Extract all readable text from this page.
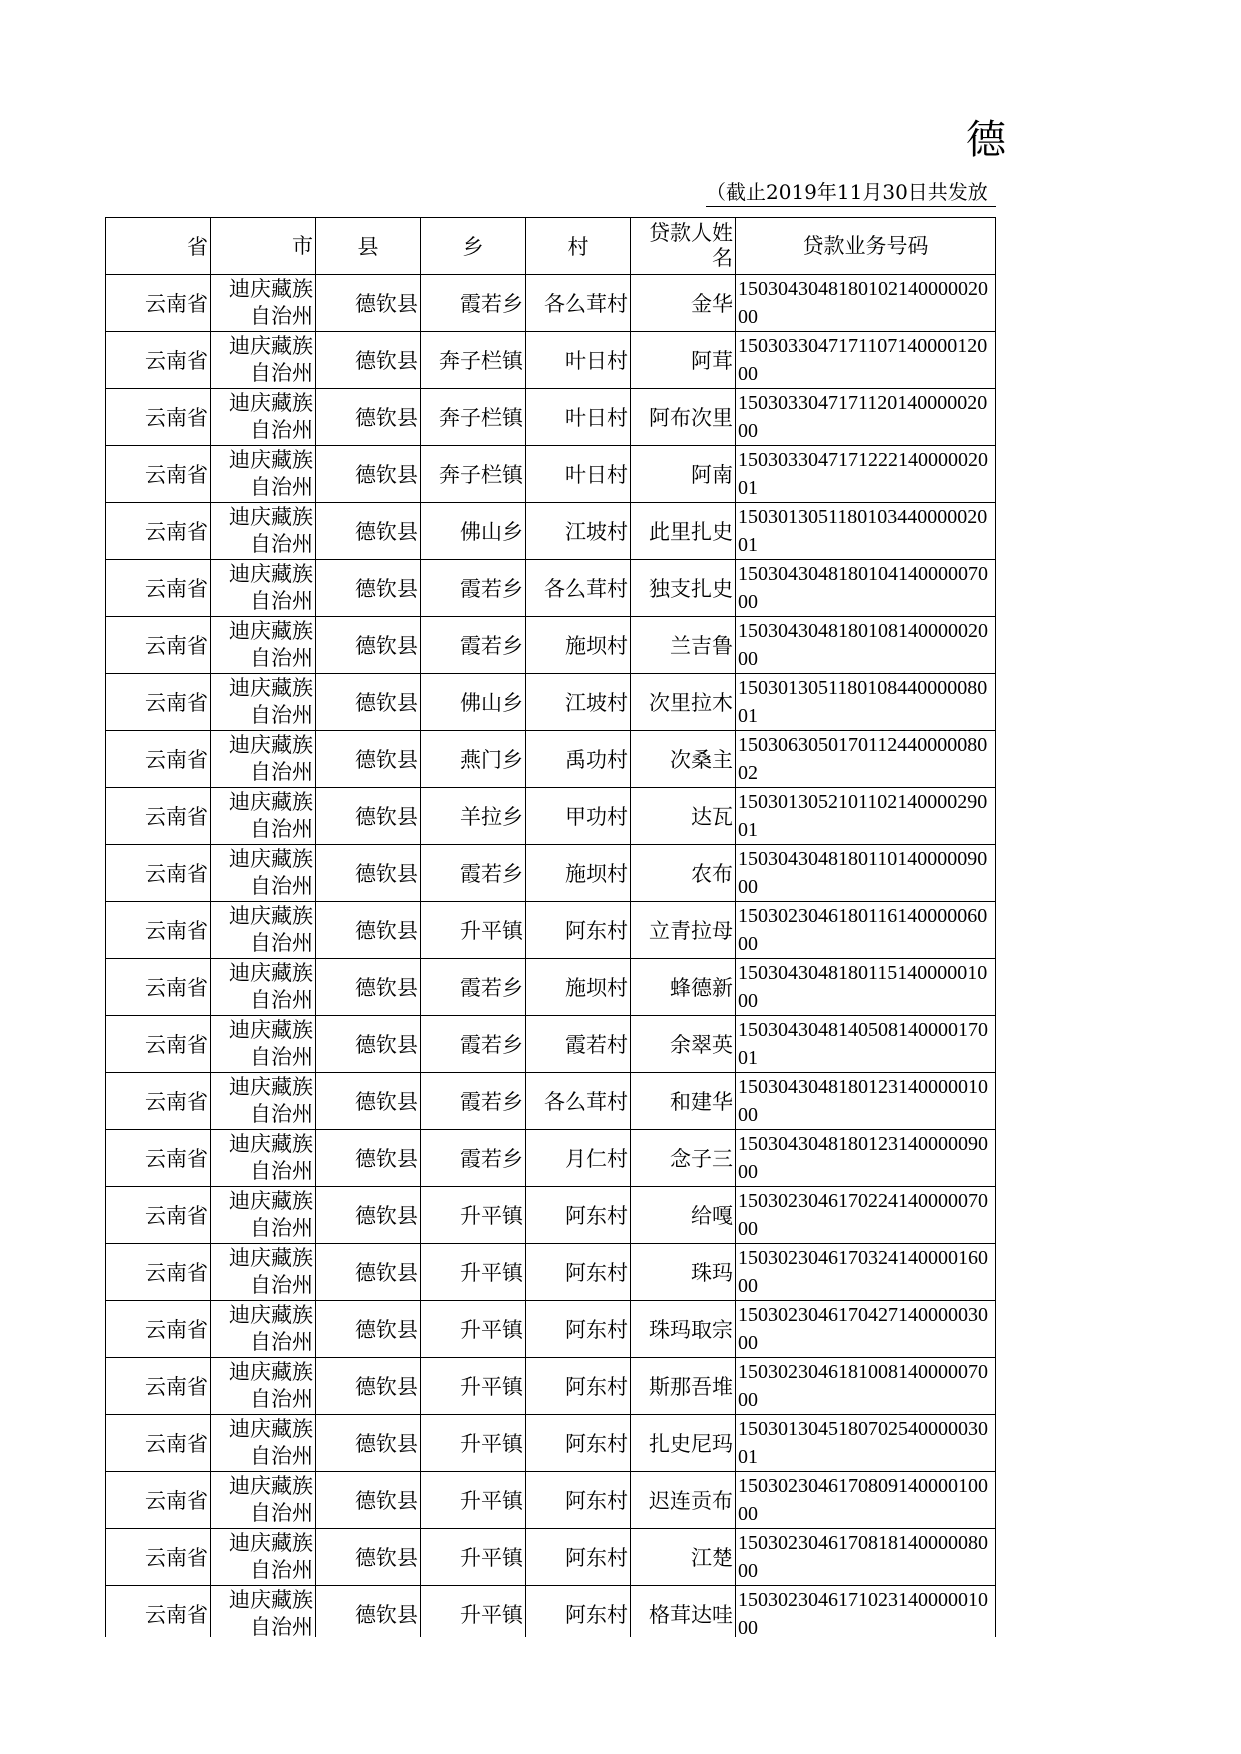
德
（截止2019年11月30日共发放
省	市	县	乡	村	贷款人姓名	贷款业务号码
云南省	迪庆藏族自治州	德钦县	霞若乡	各么茸村	金华	150304304818010214000002000
云南省	迪庆藏族自治州	德钦县	奔子栏镇	叶日村	阿茸	150303304717110714000012000
云南省	迪庆藏族自治州	德钦县	奔子栏镇	叶日村	阿布次里	150303304717112014000002000
云南省	迪庆藏族自治州	德钦县	奔子栏镇	叶日村	阿南	150303304717122214000002001
云南省	迪庆藏族自治州	德钦县	佛山乡	江坡村	此里扎史	150301305118010344000002001
云南省	迪庆藏族自治州	德钦县	霞若乡	各么茸村	独支扎史	150304304818010414000007000
云南省	迪庆藏族自治州	德钦县	霞若乡	施坝村	兰吉鲁	150304304818010814000002000
云南省	迪庆藏族自治州	德钦县	佛山乡	江坡村	次里拉木	150301305118010844000008001
云南省	迪庆藏族自治州	德钦县	燕门乡	禹功村	次桑主	150306305017011244000008002
云南省	迪庆藏族自治州	德钦县	羊拉乡	甲功村	达瓦	150301305210110214000029001
云南省	迪庆藏族自治州	德钦县	霞若乡	施坝村	农布	150304304818011014000009000
云南省	迪庆藏族自治州	德钦县	升平镇	阿东村	立青拉母	150302304618011614000006000
云南省	迪庆藏族自治州	德钦县	霞若乡	施坝村	蜂德新	150304304818011514000001000
云南省	迪庆藏族自治州	德钦县	霞若乡	霞若村	余翠英	150304304814050814000017001
云南省	迪庆藏族自治州	德钦县	霞若乡	各么茸村	和建华	150304304818012314000001000
云南省	迪庆藏族自治州	德钦县	霞若乡	月仁村	念子三	150304304818012314000009000
云南省	迪庆藏族自治州	德钦县	升平镇	阿东村	给嘎	150302304617022414000007000
云南省	迪庆藏族自治州	德钦县	升平镇	阿东村	珠玛	150302304617032414000016000
云南省	迪庆藏族自治州	德钦县	升平镇	阿东村	珠玛取宗	150302304617042714000003000
云南省	迪庆藏族自治州	德钦县	升平镇	阿东村	斯那吾堆	150302304618100814000007000
云南省	迪庆藏族自治州	德钦县	升平镇	阿东村	扎史尼玛	150301304518070254000003001
云南省	迪庆藏族自治州	德钦县	升平镇	阿东村	迟连贡布	150302304617080914000010000
云南省	迪庆藏族自治州	德钦县	升平镇	阿东村	江楚	150302304617081814000008000
云南省	迪庆藏族自治州	德钦县	升平镇	阿东村	格茸达哇	150302304617102314000001000
